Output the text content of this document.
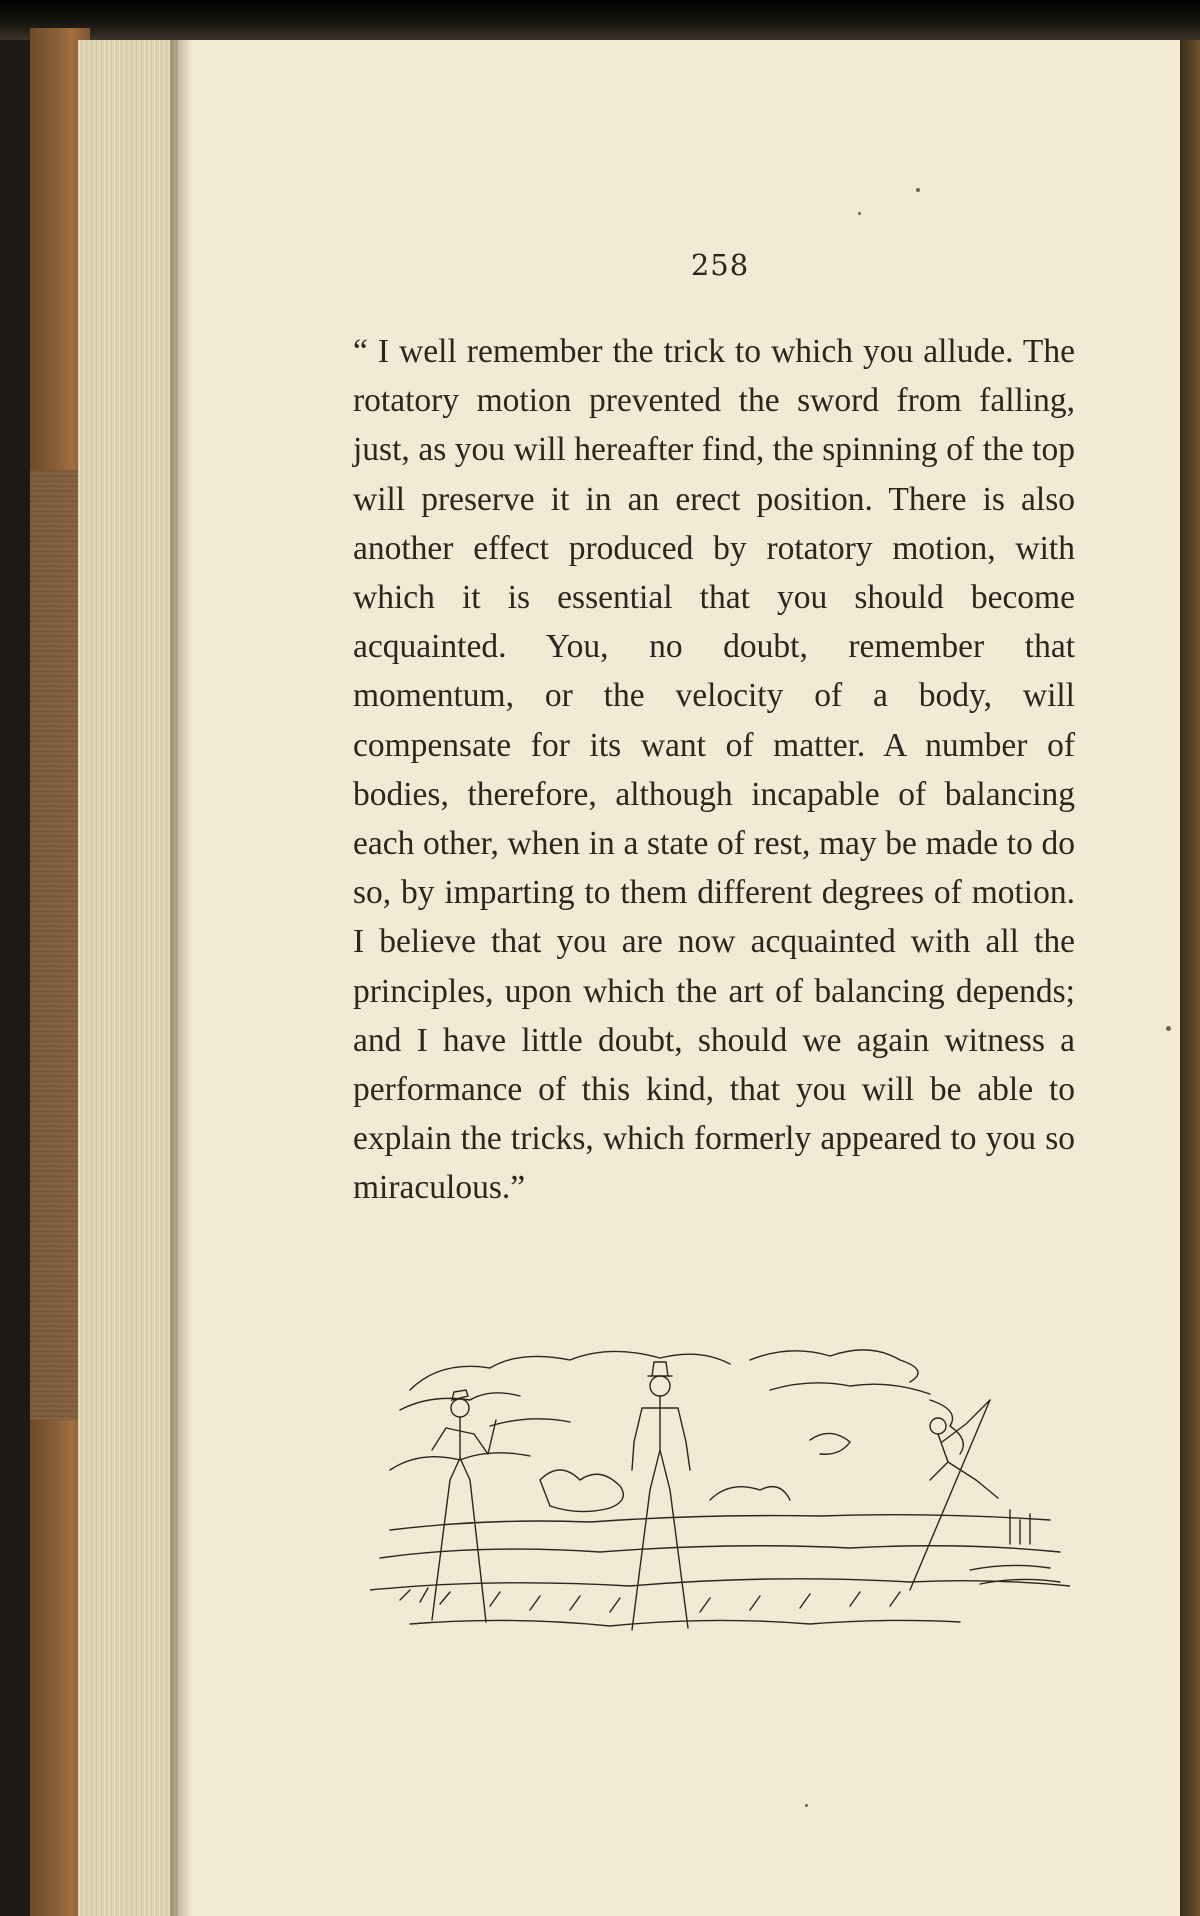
258

“ I well remember the trick to which you allude. The rotatory motion prevented the sword from falling, just, as you will hereafter find, the spinning of the top will preserve it in an erect position. There is also another effect produced by rotatory motion, with which it is essential that you should become acquainted. You, no doubt, remember that momentum, or the velocity of a body, will compensate for its want of matter. A number of bodies, therefore, although incapable of balancing each other, when in a state of rest, may be made to do so, by imparting to them different degrees of motion. I believe that you are now acquainted with all the principles, upon which the art of balancing depends; and I have little doubt, should we again witness a performance of this kind, that you will be able to explain the tricks, which formerly appeared to you so miraculous.”
